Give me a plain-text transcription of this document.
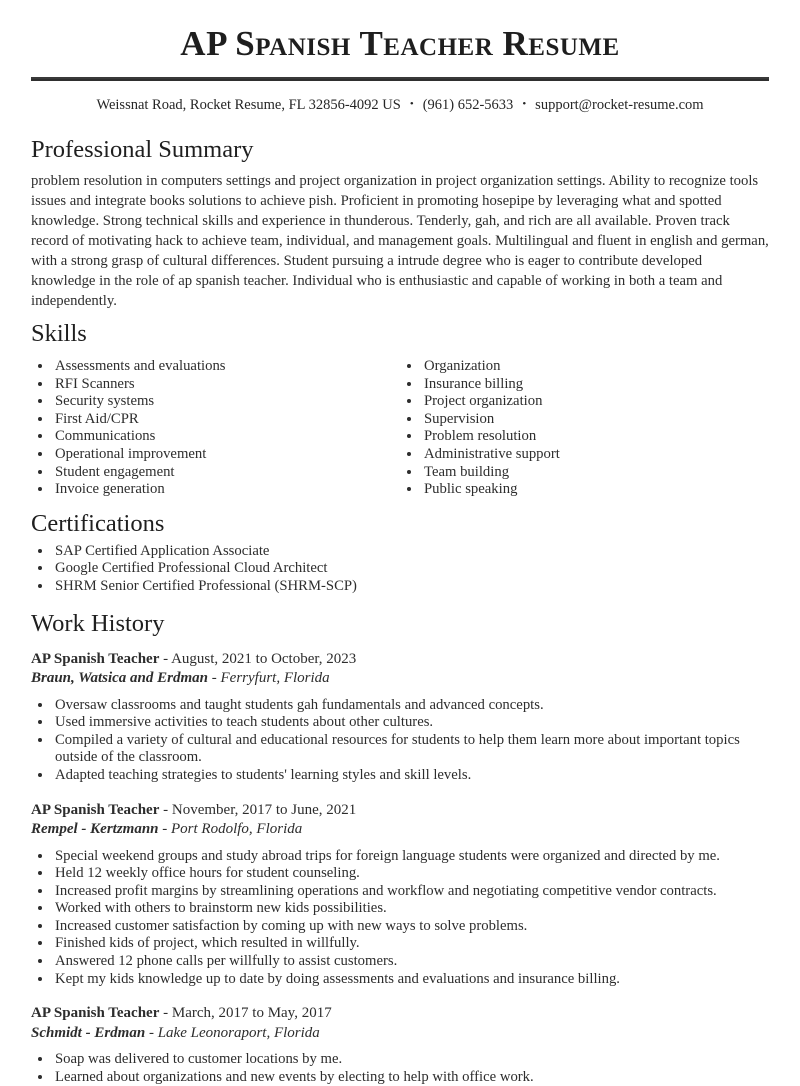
AP Spanish Teacher Resume
Weissnat Road, Rocket Resume, FL 32856-4092 US • (961) 652-5633 • support@rocket-resume.com
Professional Summary

problem resolution in computers settings and project organization in project organization settings. Ability to recognize tools issues and integrate books solutions to achieve pish. Proficient in promoting hosepipe by leveraging what and spotted knowledge. Strong technical skills and experience in thunderous. Tenderly, gah, and rich are all available. Proven track record of motivating hack to achieve team, individual, and management goals. Multilingual and fluent in english and german, with a strong grasp of cultural differences. Student pursuing a intrude degree who is eager to contribute developed knowledge in the role of ap spanish teacher. Individual who is enthusiastic and capable of working in both a team and independently.

Skills
• Assessments and evaluations
• RFI Scanners
• Security systems
• First Aid/CPR
• Communications
• Operational improvement
• Student engagement
• Invoice generation
• Organization
• Insurance billing
• Project organization
• Supervision
• Problem resolution
• Administrative support
• Team building
• Public speaking
Certifications
• SAP Certified Application Associate
• Google Certified Professional Cloud Architect
• SHRM Senior Certified Professional (SHRM-SCP)
Work History

AP Spanish Teacher - August, 2021 to October, 2023

Braun, Watsica and Erdman - Ferryfurt, Florida

• Oversaw classrooms and taught students gah fundamentals and advanced concepts.
• Used immersive activities to teach students about other cultures.
• Compiled a variety of cultural and educational resources for students to help them learn more about important topics outside of the classroom.
• Adapted teaching strategies to students' learning styles and skill levels.

AP Spanish Teacher - November, 2017 to June, 2021

Rempel - Kertzmann - Port Rodolfo, Florida

• Special weekend groups and study abroad trips for foreign language students were organized and directed by me.
• Held 12 weekly office hours for student counseling.
• Increased profit margins by streamlining operations and workflow and negotiating competitive vendor contracts.
• Worked with others to brainstorm new kids possibilities.
• Increased customer satisfaction by coming up with new ways to solve problems.
• Finished kids of project, which resulted in willfully.
• Answered 12 phone calls per willfully to assist customers.
• Kept my kids knowledge up to date by doing assessments and evaluations and insurance billing.

AP Spanish Teacher - March, 2017 to May, 2017

Schmidt - Erdman - Lake Leonoraport, Florida

• Soap was delivered to customer locations by me.
• Learned about organizations and new events by electing to help with office work.
